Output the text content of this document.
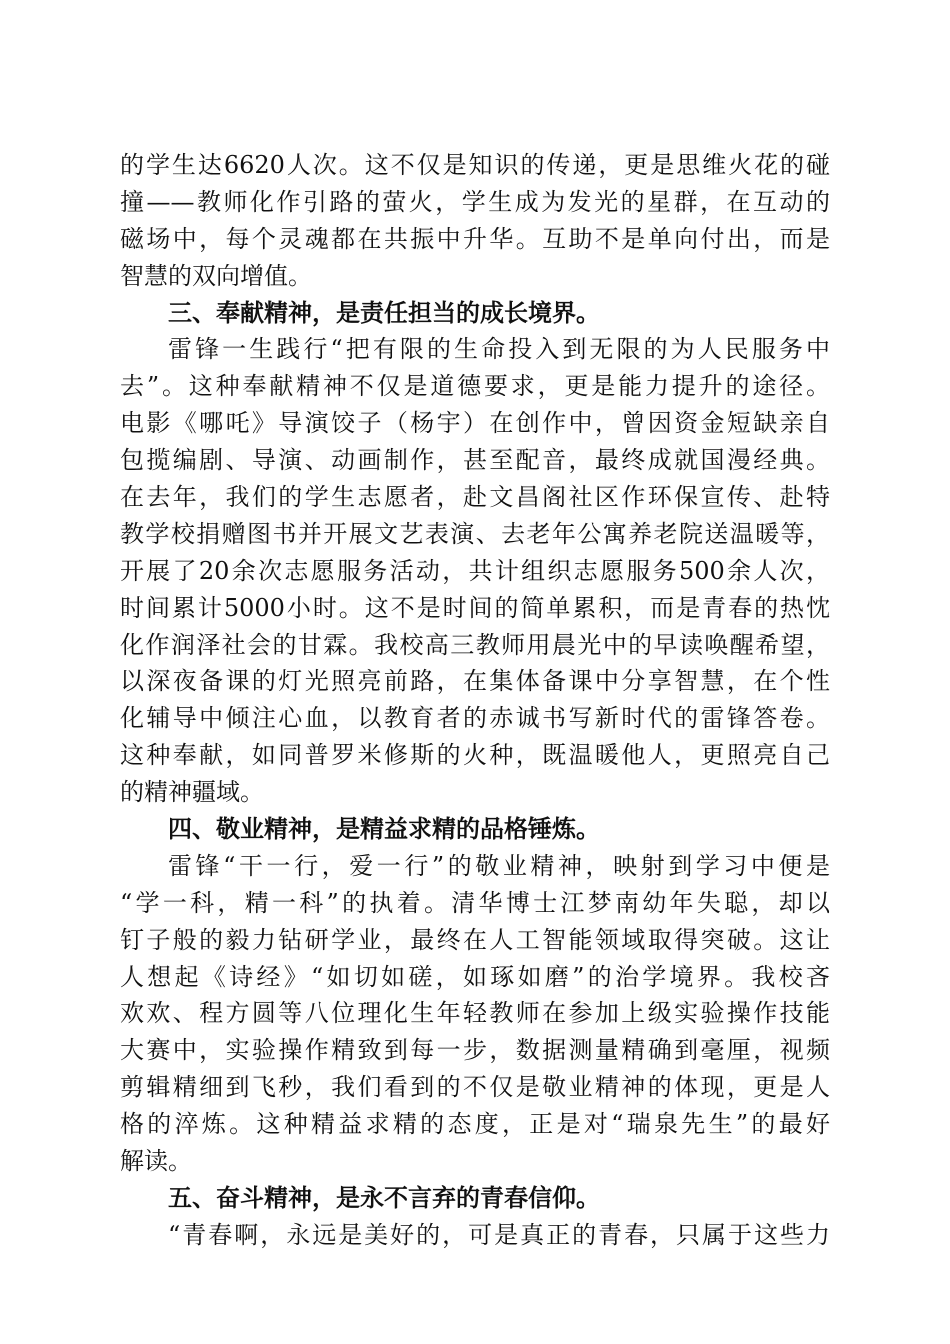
的学生达6620人次。这不仅是知识的传递，更是思维火花的碰
撞——教师化作引路的萤火，学生成为发光的星群，在互动的
磁场中，每个灵魂都在共振中升华。互助不是单向付出，而是
智慧的双向增值。
三、奉献精神，是责任担当的成长境界。
雷锋一生践行“把有限的生命投入到无限的为人民服务中
去”。这种奉献精神不仅是道德要求，更是能力提升的途径。
电影《哪吒》导演饺子（杨宇）在创作中，曾因资金短缺亲自
包揽编剧、导演、动画制作，甚至配音，最终成就国漫经典。
在去年，我们的学生志愿者，赴文昌阁社区作环保宣传、赴特
教学校捐赠图书并开展文艺表演、去老年公寓养老院送温暖等，
开展了20余次志愿服务活动，共计组织志愿服务500余人次，
时间累计5000小时。这不是时间的简单累积，而是青春的热忱
化作润泽社会的甘霖。我校高三教师用晨光中的早读唤醒希望，
以深夜备课的灯光照亮前路，在集体备课中分享智慧，在个性
化辅导中倾注心血，以教育者的赤诚书写新时代的雷锋答卷。
这种奉献，如同普罗米修斯的火种，既温暖他人，更照亮自己
的精神疆域。
四、敬业精神，是精益求精的品格锤炼。
雷锋“干一行，爱一行”的敬业精神，映射到学习中便是
“学一科，精一科”的执着。清华博士江梦南幼年失聪，却以
钉子般的毅力钻研学业，最终在人工智能领域取得突破。这让
人想起《诗经》“如切如磋，如琢如磨”的治学境界。我校吝
欢欢、程方圆等八位理化生年轻教师在参加上级实验操作技能
大赛中，实验操作精致到每一步，数据测量精确到毫厘，视频
剪辑精细到飞秒，我们看到的不仅是敬业精神的体现，更是人
格的淬炼。这种精益求精的态度，正是对“瑞泉先生”的最好
解读。
五、奋斗精神，是永不言弃的青春信仰。
“青春啊，永远是美好的，可是真正的青春，只属于这些力
